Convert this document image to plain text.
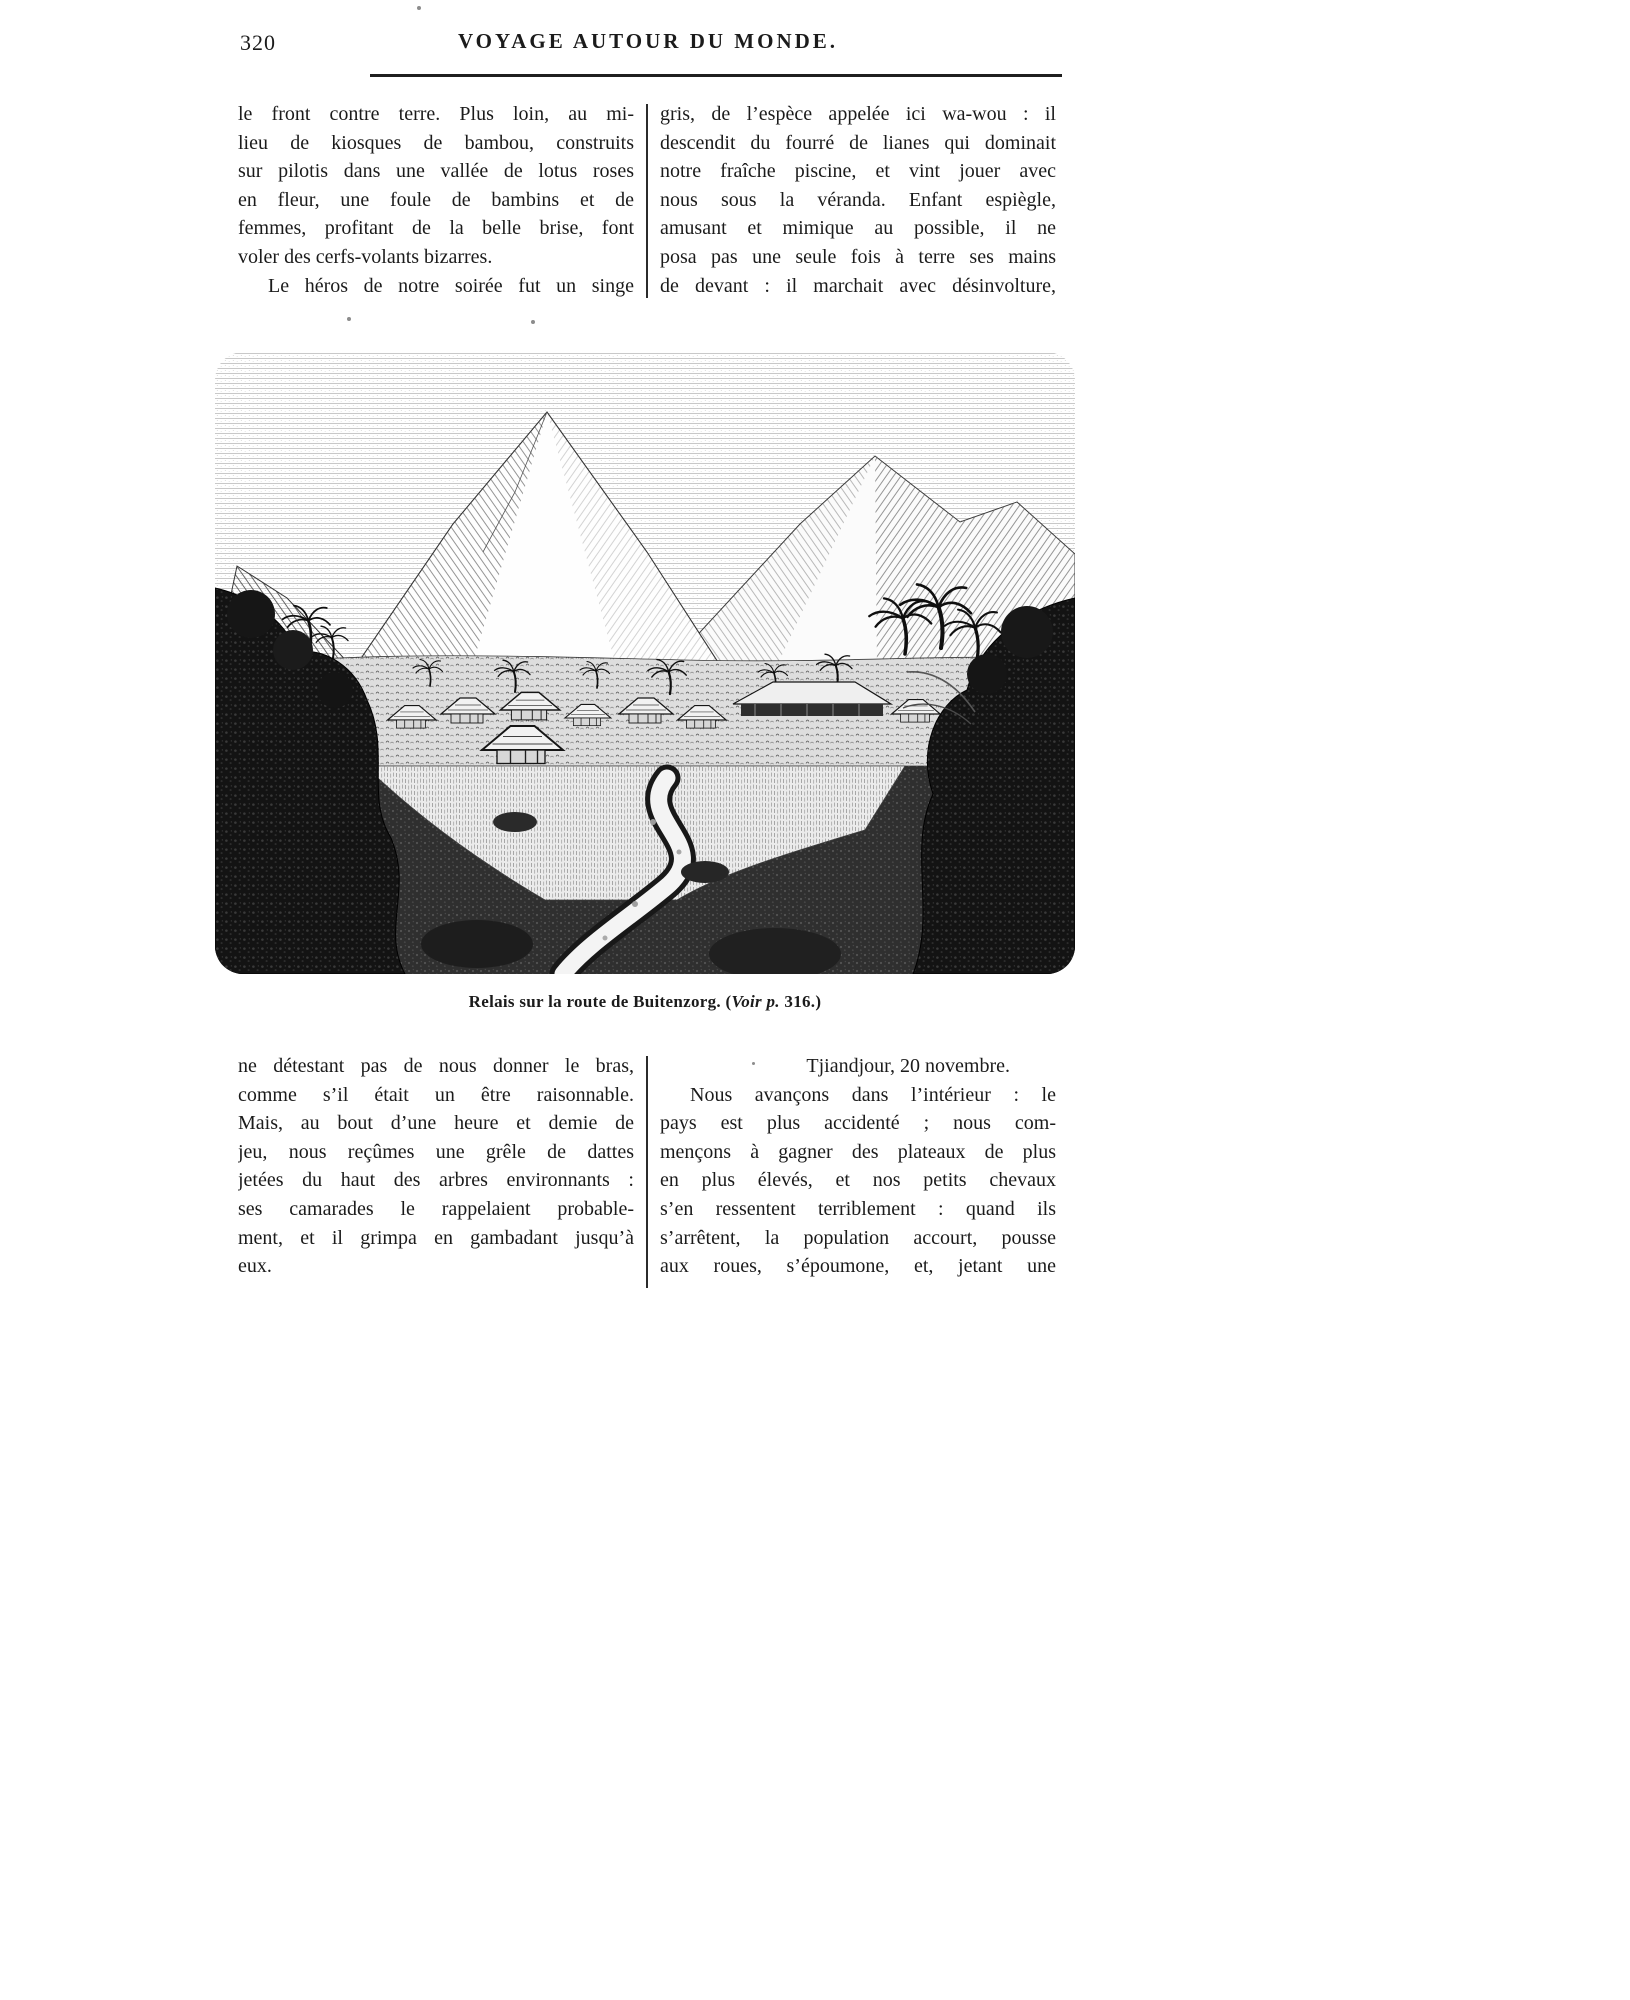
320	VOYAGE AUTOUR DU MONDE.
le front contre terre. Plus loin, au mi-
lieu de kiosques de bambou, construits
sur pilotis dans une vallée de lotus roses
en fleur, une foule de bambins et de
femmes, profitant de la belle brise, font
voler des cerfs-volants bizarres.
Le héros de notre soirée fut un singe
gris, de l’espèce appelée ici wa-wou : il
descendit du fourré de lianes qui dominait
notre fraîche piscine, et vint jouer avec
nous sous la véranda. Enfant espiègle,
amusant et mimique au possible, il ne
posa pas une seule fois à terre ses mains
de devant : il marchait avec désinvolture,
Relais sur la route de Buitenzorg. (Voir p. 316.)
ne détestant pas de nous donner le bras,
comme s’il était un être raisonnable.
Mais, au bout d’une heure et demie de
jeu, nous reçûmes une grêle de dattes
jetées du haut des arbres environnants :
ses camarades le rappelaient probable-
ment, et il grimpa en gambadant jusqu’à
eux.
Tjiandjour, 20 novembre.
Nous avançons dans l’intérieur : le
pays est plus accidenté ; nous com-
mençons à gagner des plateaux de plus
en plus élevés, et nos petits chevaux
s’en ressentent terriblement : quand ils
s’arrêtent, la population accourt, pousse
aux roues, s’époumone, et, jetant une
